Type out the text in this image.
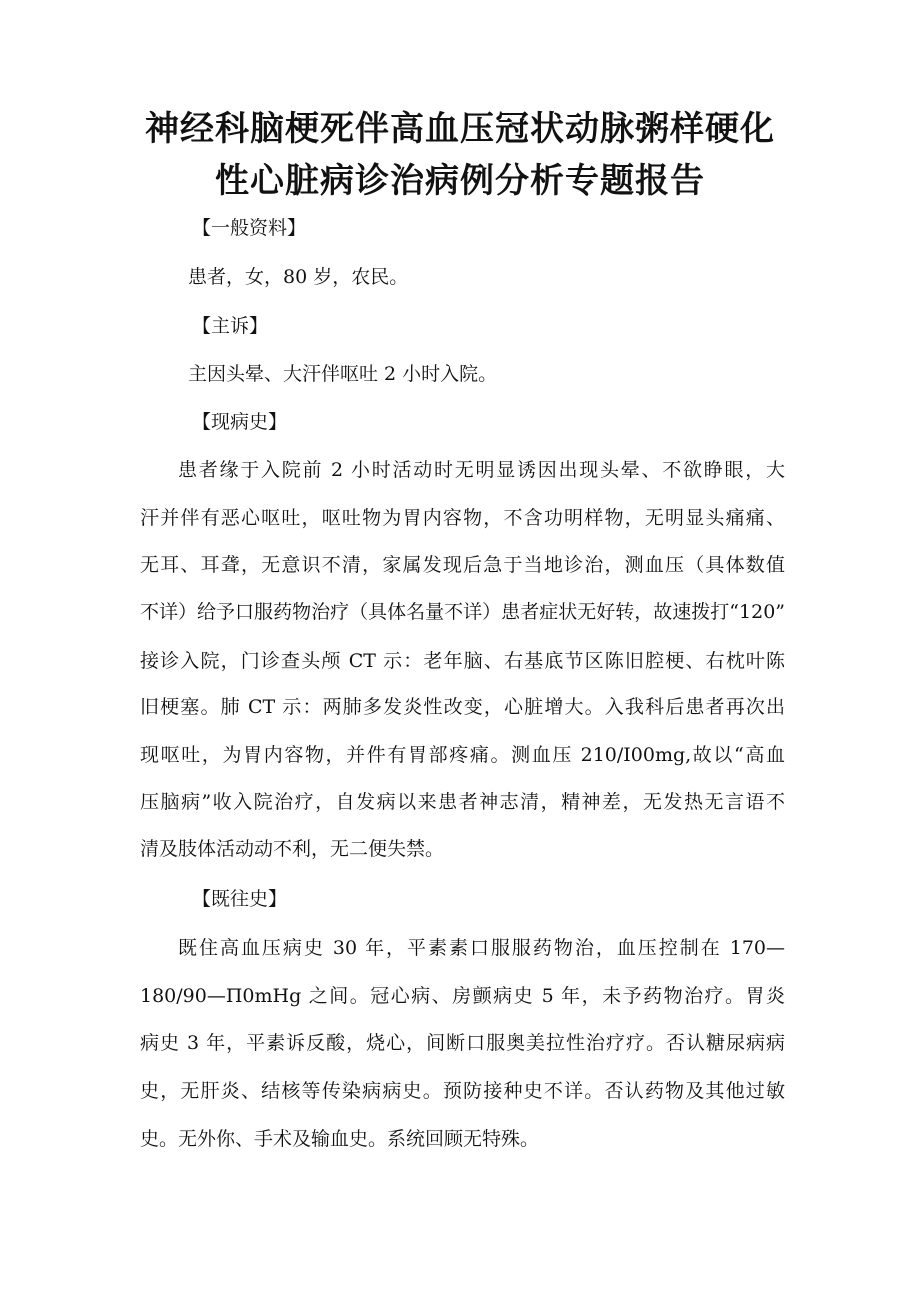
神经科脑梗死伴高血压冠状动脉粥样硬化
性心脏病诊治病例分析专题报告
【一般资料】
患者，女，80 岁，农民。
【主诉】
主因头晕、大汗伴呕吐 2 小时入院。
【现病史】
患者缘于入院前 2 小时活动时无明显诱因出现头晕、不欲睁眼，大
汗并伴有恶心呕吐，呕吐物为胃内容物，不含功明样物，无明显头痛痛、
无耳、耳聋，无意识不清，家属发现后急于当地诊治，测血压（具体数值
不详）给予口服药物治疗（具体名量不详）患者症状无好转，故速拨打“120”
接诊入院，门诊查头颅 CT 示：老年脑、右基底节区陈旧腔梗、右枕叶陈
旧梗塞。肺 CT 示：两肺多发炎性改变，心脏增大。入我科后患者再次出
现呕吐，为胃内容物，并件有胃部疼痛。测血压 210/I00mg,故以“高血
压脑病”收入院治疗，自发病以来患者神志清，精神差，无发热无言语不
清及肢体活动动不利，无二便失禁。
【既往史】
既住高血压病史 30 年，平素素口服服药物治，血压控制在 170—
180/90—Π0mHg 之间。冠心病、房颤病史 5 年，未予药物治疗。胃炎
病史 3 年，平素诉反酸，烧心，间断口服奥美拉性治疗疗。否认糖尿病病
史，无肝炎、结核等传染病病史。预防接种史不详。否认药物及其他过敏
史。无外你、手术及输血史。系统回顾无特殊。
